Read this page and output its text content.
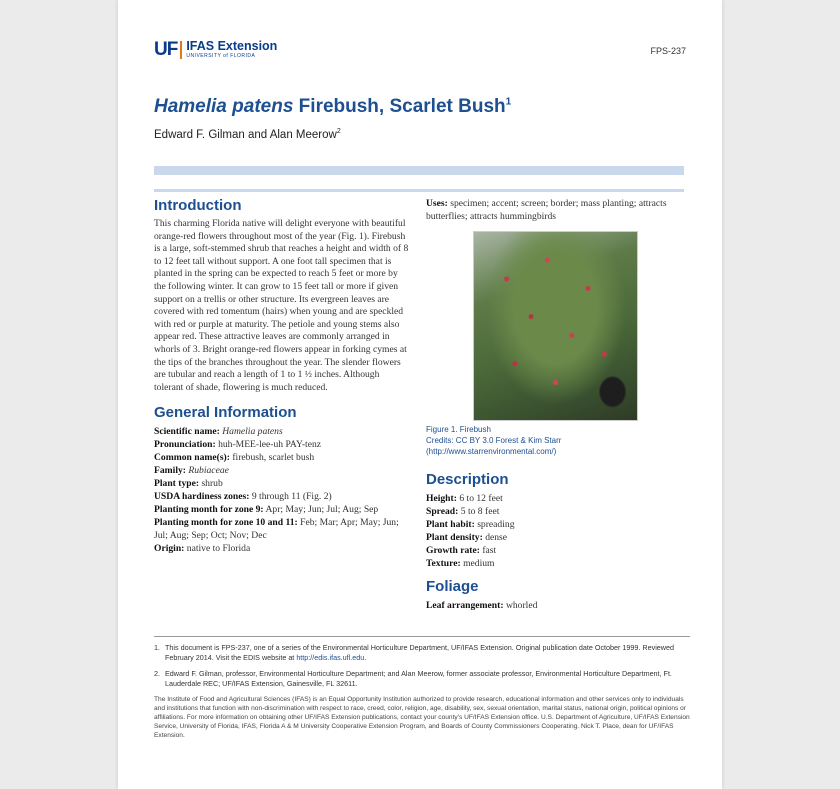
UF IFAS Extension
UNIVERSITY of FLORIDA	FPS-237
Hamelia patens Firebush, Scarlet Bush$^1$
Edward F. Gilman and Alan Meerow$^2$
Introduction

This charming Florida native will delight everyone with beautiful orange-red flowers throughout most of the year (Fig. 1). Firebush is a large, soft-stemmed shrub that reaches a height and width of 8 to 12 feet tall without support. A one foot tall specimen that is planted in the spring can be expected to reach 5 feet or more by the following winter. It can grow to 15 feet tall or more if given support on a trellis or other structure. Its evergreen leaves are covered with red tomentum (hairs) when young and are speckled with red or purple at maturity. The petiole and young stems also appear red. These attractive leaves are commonly arranged in whorls of 3. Bright orange-red flowers appear in forking cymes at the tips of the branches throughout the year. The slender flowers are tubular and reach a length of 1 to 1 ½ inches. Although tolerant of shade, flowering is much reduced.

General Information
Scientific name: Hamelia patens
Pronunciation: huh-MEE-lee-uh PAY-tenz
Common name(s): firebush, scarlet bush
Family: Rubiaceae
Plant type: shrub
USDA hardiness zones: 9 through 11 (Fig. 2)
Planting month for zone 9: Apr; May; Jun; Jul; Aug; Sep
Planting month for zone 10 and 11: Feb; Mar; Apr; May; Jun; Jul; Aug; Sep; Oct; Nov; Dec
Origin: native to Florida
Uses: specimen; accent; screen; border; mass planting; attracts butterflies; attracts hummingbirds
Figure 1. Firebush
Credits: CC BY 3.0 Forest & Kim Starr (http://www.starrenvironmental.com/)
Description
Height: 6 to 12 feet
Spread: 5 to 8 feet
Plant habit: spreading
Plant density: dense
Growth rate: fast
Texture: medium
Foliage
Leaf arrangement: whorled
1. This document is FPS-237, one of a series of the Environmental Horticulture Department, UF/IFAS Extension. Original publication date October 1999. Reviewed February 2014. Visit the EDIS website at http://edis.ifas.ufl.edu.
2. Edward F. Gilman, professor, Environmental Horticulture Department; and Alan Meerow, former associate professor, Environmental Horticulture Department, Ft. Lauderdale REC; UF/IFAS Extension, Gainesville, FL 32611.
The Institute of Food and Agricultural Sciences (IFAS) is an Equal Opportunity Institution authorized to provide research, educational information and other services only to individuals and institutions that function with non-discrimination with respect to race, creed, color, religion, age, disability, sex, sexual orientation, marital status, national origin, political opinions or affiliations. For more information on obtaining other UF/IFAS Extension publications, contact your county's UF/IFAS Extension office. U.S. Department of Agriculture, UF/IFAS Extension Service, University of Florida, IFAS, Florida A & M University Cooperative Extension Program, and Boards of County Commissioners Cooperating. Nick T. Place, dean for UF/IFAS Extension.
